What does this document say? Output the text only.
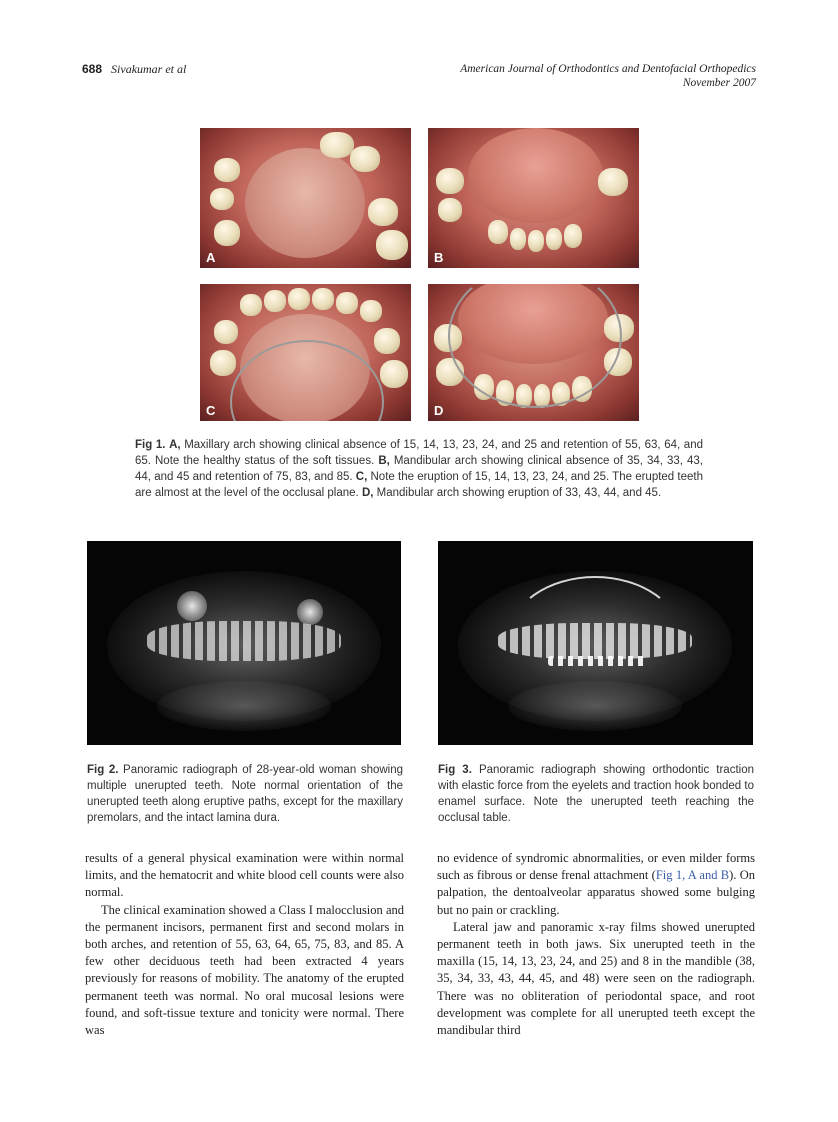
688 Sivakumar et al	American Journal of Orthodontics and Dentofacial Orthopedics
November 2007
A	B
C	D
Fig 1. A, Maxillary arch showing clinical absence of 15, 14, 13, 23, 24, and 25 and retention of 55, 63, 64, and 65. Note the healthy status of the soft tissues. B, Mandibular arch showing clinical absence of 35, 34, 33, 43, 44, and 45 and retention of 75, 83, and 85. C, Note the eruption of 15, 14, 13, 23, 24, and 25. The erupted teeth are almost at the level of the occlusal plane. D, Mandibular arch showing eruption of 33, 43, 44, and 45.
Fig 2. Panoramic radiograph of 28-year-old woman showing multiple unerupted teeth. Note normal orientation of the unerupted teeth along eruptive paths, except for the maxillary premolars, and the intact lamina dura.
Fig 3. Panoramic radiograph showing orthodontic traction with elastic force from the eyelets and traction hook bonded to enamel surface. Note the unerupted teeth reaching the occlusal table.

results of a general physical examination were within normal limits, and the hematocrit and white blood cell counts were also normal.

The clinical examination showed a Class I malocclusion and the permanent incisors, permanent first and second molars in both arches, and retention of 55, 63, 64, 65, 75, 83, and 85. A few other deciduous teeth had been extracted 4 years previously for reasons of mobility. The anatomy of the erupted permanent teeth was normal. No oral mucosal lesions were found, and soft-tissue texture and tonicity were normal. There was

no evidence of syndromic abnormalities, or even milder forms such as fibrous or dense frenal attachment (Fig 1, A and B). On palpation, the dentoalveolar apparatus showed some bulging but no pain or crackling.

Lateral jaw and panoramic x-ray films showed unerupted permanent teeth in both jaws. Six unerupted teeth in the maxilla (15, 14, 13, 23, 24, and 25) and 8 in the mandible (38, 35, 34, 33, 43, 44, 45, and 48) were seen on the radiograph. There was no obliteration of periodontal space, and root development was complete for all unerupted teeth except the mandibular third
